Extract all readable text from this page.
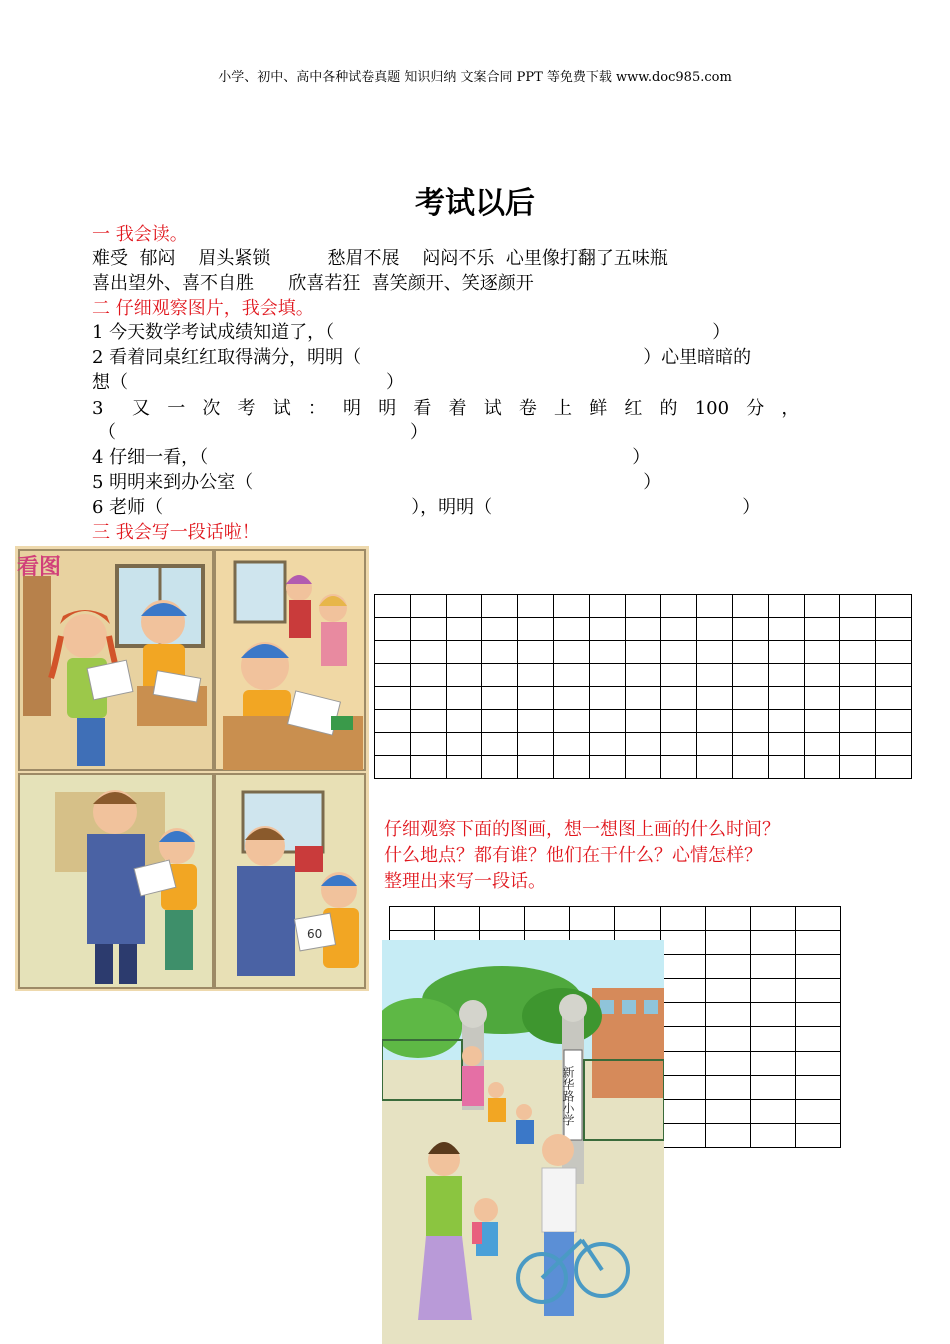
小学、初中、高中各种试卷真题 知识归纳 文案合同 PPT 等免费下载 www.doc985.com
考试以后
一 我会读。
难受  郁闷    眉头紧锁          愁眉不展    闷闷不乐  心里像打翻了五味瓶
喜出望外、喜不自胜      欣喜若狂  喜笑颜开、笑逐颜开
二 仔细观察图片，我会填。
1 今天数学考试成绩知道了，（	）
2 看着同桌红红取得满分，明明（	）心里暗暗的
想（	）
3     又   一   次   考   试   ：   明   明   看   着   试   卷   上   鲜   红   的   100   分   ，
（	）
4 仔细一看，（	）
5 明明来到办公室（	）
6 老师（	），明明（	）
三 我会写一段话啦！
60
看图

仔细观察下面的图画，想一想图上画的什么时间？
什么地点？都有谁？他们在干什么？心情怎样？
整理出来写一段话。

新华路小学
